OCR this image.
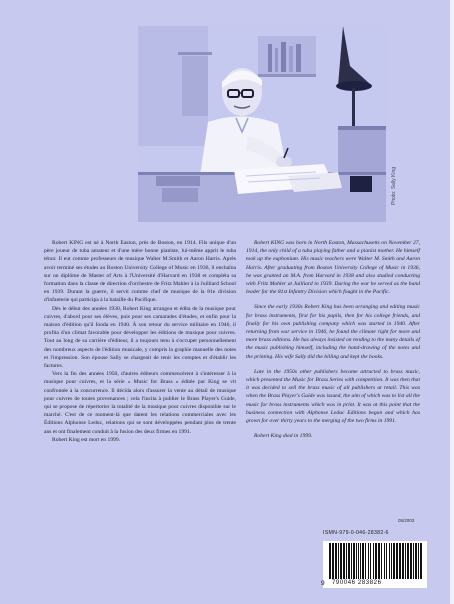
Photo: Sally King

Robert KING est né à North Easton, près de Boston, en 1914. Fils unique d'un père joueur de tuba amateur et d'une mère bonne pianiste, lui-même apprit le tuba ténor. Il eut comme professeurs de musique Walter M.Smith et Aaron Harris. Après avoir terminé ses études au Boston University College of Music en 1936, il enchaîna sur un diplôme de Master of Arts à l'Université d'Harvard en 1938 et compléta sa formation dans la classe de direction d'orchestre de Fritz Mahler à la Juilliard School en 1939. Durant la guerre, il servit comme chef de musique de la 81e division d'infanterie qui participa à la bataille du Pacifique.

Dès le début des années 1930, Robert King arrangea et édita de la musique pour cuivres, d'abord pour ses élèves, puis pour ses camarades d'études, et enfin pour la maison d'édition qu'il fonda en 1940. À son retour du service militaire en 1946, il profita d'un climat favorable pour développer les éditions de musique pour cuivres. Tout au long de sa carrière d'éditeur, il a toujours tenu à s'occuper personnellement des nombreux aspects de l'édition musicale, y compris la graphie manuelle des notes et l'impression. Son épouse Sally se chargeait de tenir les comptes et d'établir les factures.

Vers la fin des années 1950, d'autres éditeurs commencèrent à s'intéresser à la musique pour cuivres, et la série « Music for Brass » éditée par King se vit confrontée à la concurrence. Il décida alors d'assurer la vente au détail de musique pour cuivres de toutes provenances ; cela l'incita à publier le Brass Player's Guide, qui se propose de répertorier la totalité de la musique pour cuivres disponible sur le marché. C'est de ce moment-là que datent les relations commerciales avec les Éditions Alphonse Leduc, relations qui se sont développées pendant plus de trente ans et ont finalement conduit à la fusion des deux firmes en 1991.

Robert King est mort en 1999.

Robert KING was born in North Easton, Massachusetts on November 27, 1914, the only child of a tuba playing father and a pianist mother. He himself took up the euphonium. His music teachers were Walter M. Smith and Aaron Harris. After graduating from Boston University College of Music in 1936, he was granted an M.A. from Harvard in 1938 and also studied conducting with Fritz Mahler at Juilliard in 1939. During the war he served as the band leader for the 81st Infantry Division which fought in the Pacific.

Since the early 1930s Robert King has been arranging and editing music for brass instruments, first for his pupils, then for his college friends, and finally for his own publishing company which was started in 1940. After returning from war service in 1946, he found the climate right for more and more brass editions. He has always insisted on tending to the many details of the music publishing himself, including the hand-drawing of the notes and the printing. His wife Sally did the billing and kept the books.

Late in the 1950s other publishers became attracted to brass music, which presented the Music for Brass Series with competition. It was then that it was decided to sell the brass music of all publishers at retail. This was when the Brass Player's Guide was issued, the aim of which was to list all the music for brass instruments which was in print. It was at this point that the business connection with Alphonse Leduc Editions began and which has grown for over thirty years to the merging of the two firms in 1991.

Robert King died in 1999.

05/2003
ISMN-979-0-046-28382-6
9 790046 283826
